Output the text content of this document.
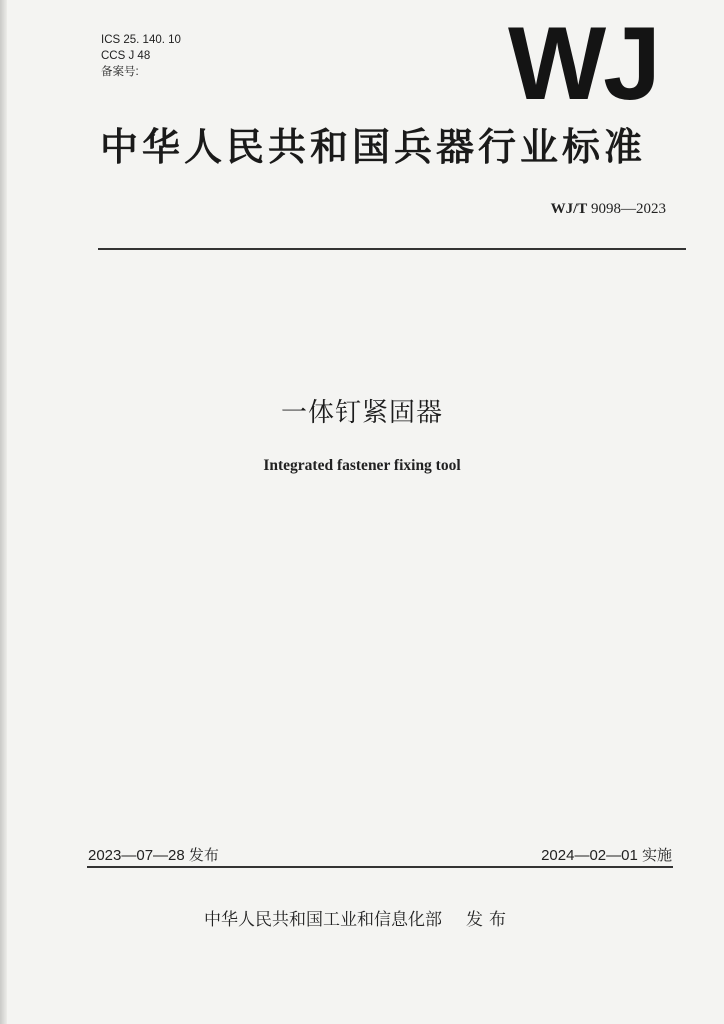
ICS 25. 140. 10
CCS J 48
备案号:	WJ
中华人民共和国兵器行业标准
WJ/T 9098—2023
一体钉紧固器
Integrated fastener fixing tool
2023—07—28 发布	2024—02—01 实施
中华人民共和国工业和信息化部 发布
